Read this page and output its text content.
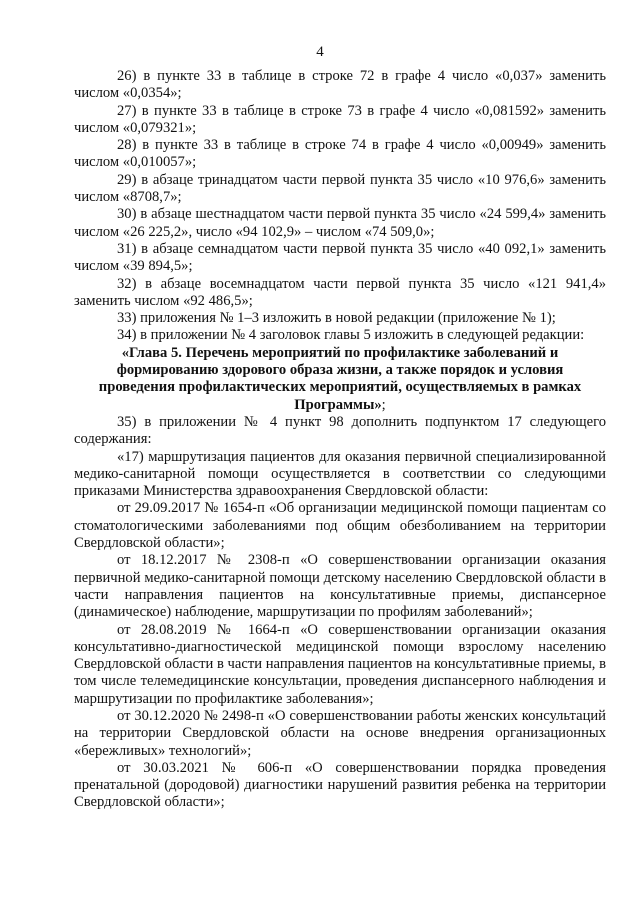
4

26) в пункте 33 в таблице в строке 72 в графе 4 число «0,037» заменить числом «0,0354»;

27) в пункте 33 в таблице в строке 73 в графе 4 число «0,081592» заменить числом «0,079321»;

28) в пункте 33 в таблице в строке 74 в графе 4 число «0,00949» заменить числом «0,010057»;

29) в абзаце тринадцатом части первой пункта 35 число «10 976,6» заменить числом «8708,7»;

30) в абзаце шестнадцатом части первой пункта 35 число «24 599,4» заменить числом «26 225,2», число «94 102,9» – числом «74 509,0»;

31) в абзаце семнадцатом части первой пункта 35 число «40 092,1» заменить числом «39 894,5»;

32) в абзаце восемнадцатом части первой пункта 35 число «121 941,4» заменить числом «92 486,5»;

33) приложения № 1–3 изложить в новой редакции (приложение № 1);

34) в приложении № 4 заголовок главы 5 изложить в следующей редакции:

«Глава 5. Перечень мероприятий по профилактике заболеваний и формированию здорового образа жизни, а также порядок и условия проведения профилактических мероприятий, осуществляемых в рамках Программы»;

35) в приложении № 4 пункт 98 дополнить подпунктом 17 следующего содержания:

«17) маршрутизация пациентов для оказания первичной специализированной медико-санитарной помощи осуществляется в соответствии со следующими приказами Министерства здравоохранения Свердловской области:

от 29.09.2017 № 1654-п «Об организации медицинской помощи пациентам со стоматологическими заболеваниями под общим обезболиванием на территории Свердловской области»;

от 18.12.2017 № 2308-п «О совершенствовании организации оказания первичной медико-санитарной помощи детскому населению Свердловской области в части направления пациентов на консультативные приемы, диспансерное (динамическое) наблюдение, маршрутизации по профилям заболеваний»;

от 28.08.2019 № 1664-п «О совершенствовании организации оказания консультативно-диагностической медицинской помощи взрослому населению Свердловской области в части направления пациентов на консультативные приемы, в том числе телемедицинские консультации, проведения диспансерного наблюдения и маршрутизации по профилактике заболевания»;

от 30.12.2020 № 2498-п «О совершенствовании работы женских консультаций на территории Свердловской области на основе внедрения организационных «бережливых» технологий»;

от 30.03.2021 № 606-п «О совершенствовании порядка проведения пренатальной (дородовой) диагностики нарушений развития ребенка на территории Свердловской области»;
